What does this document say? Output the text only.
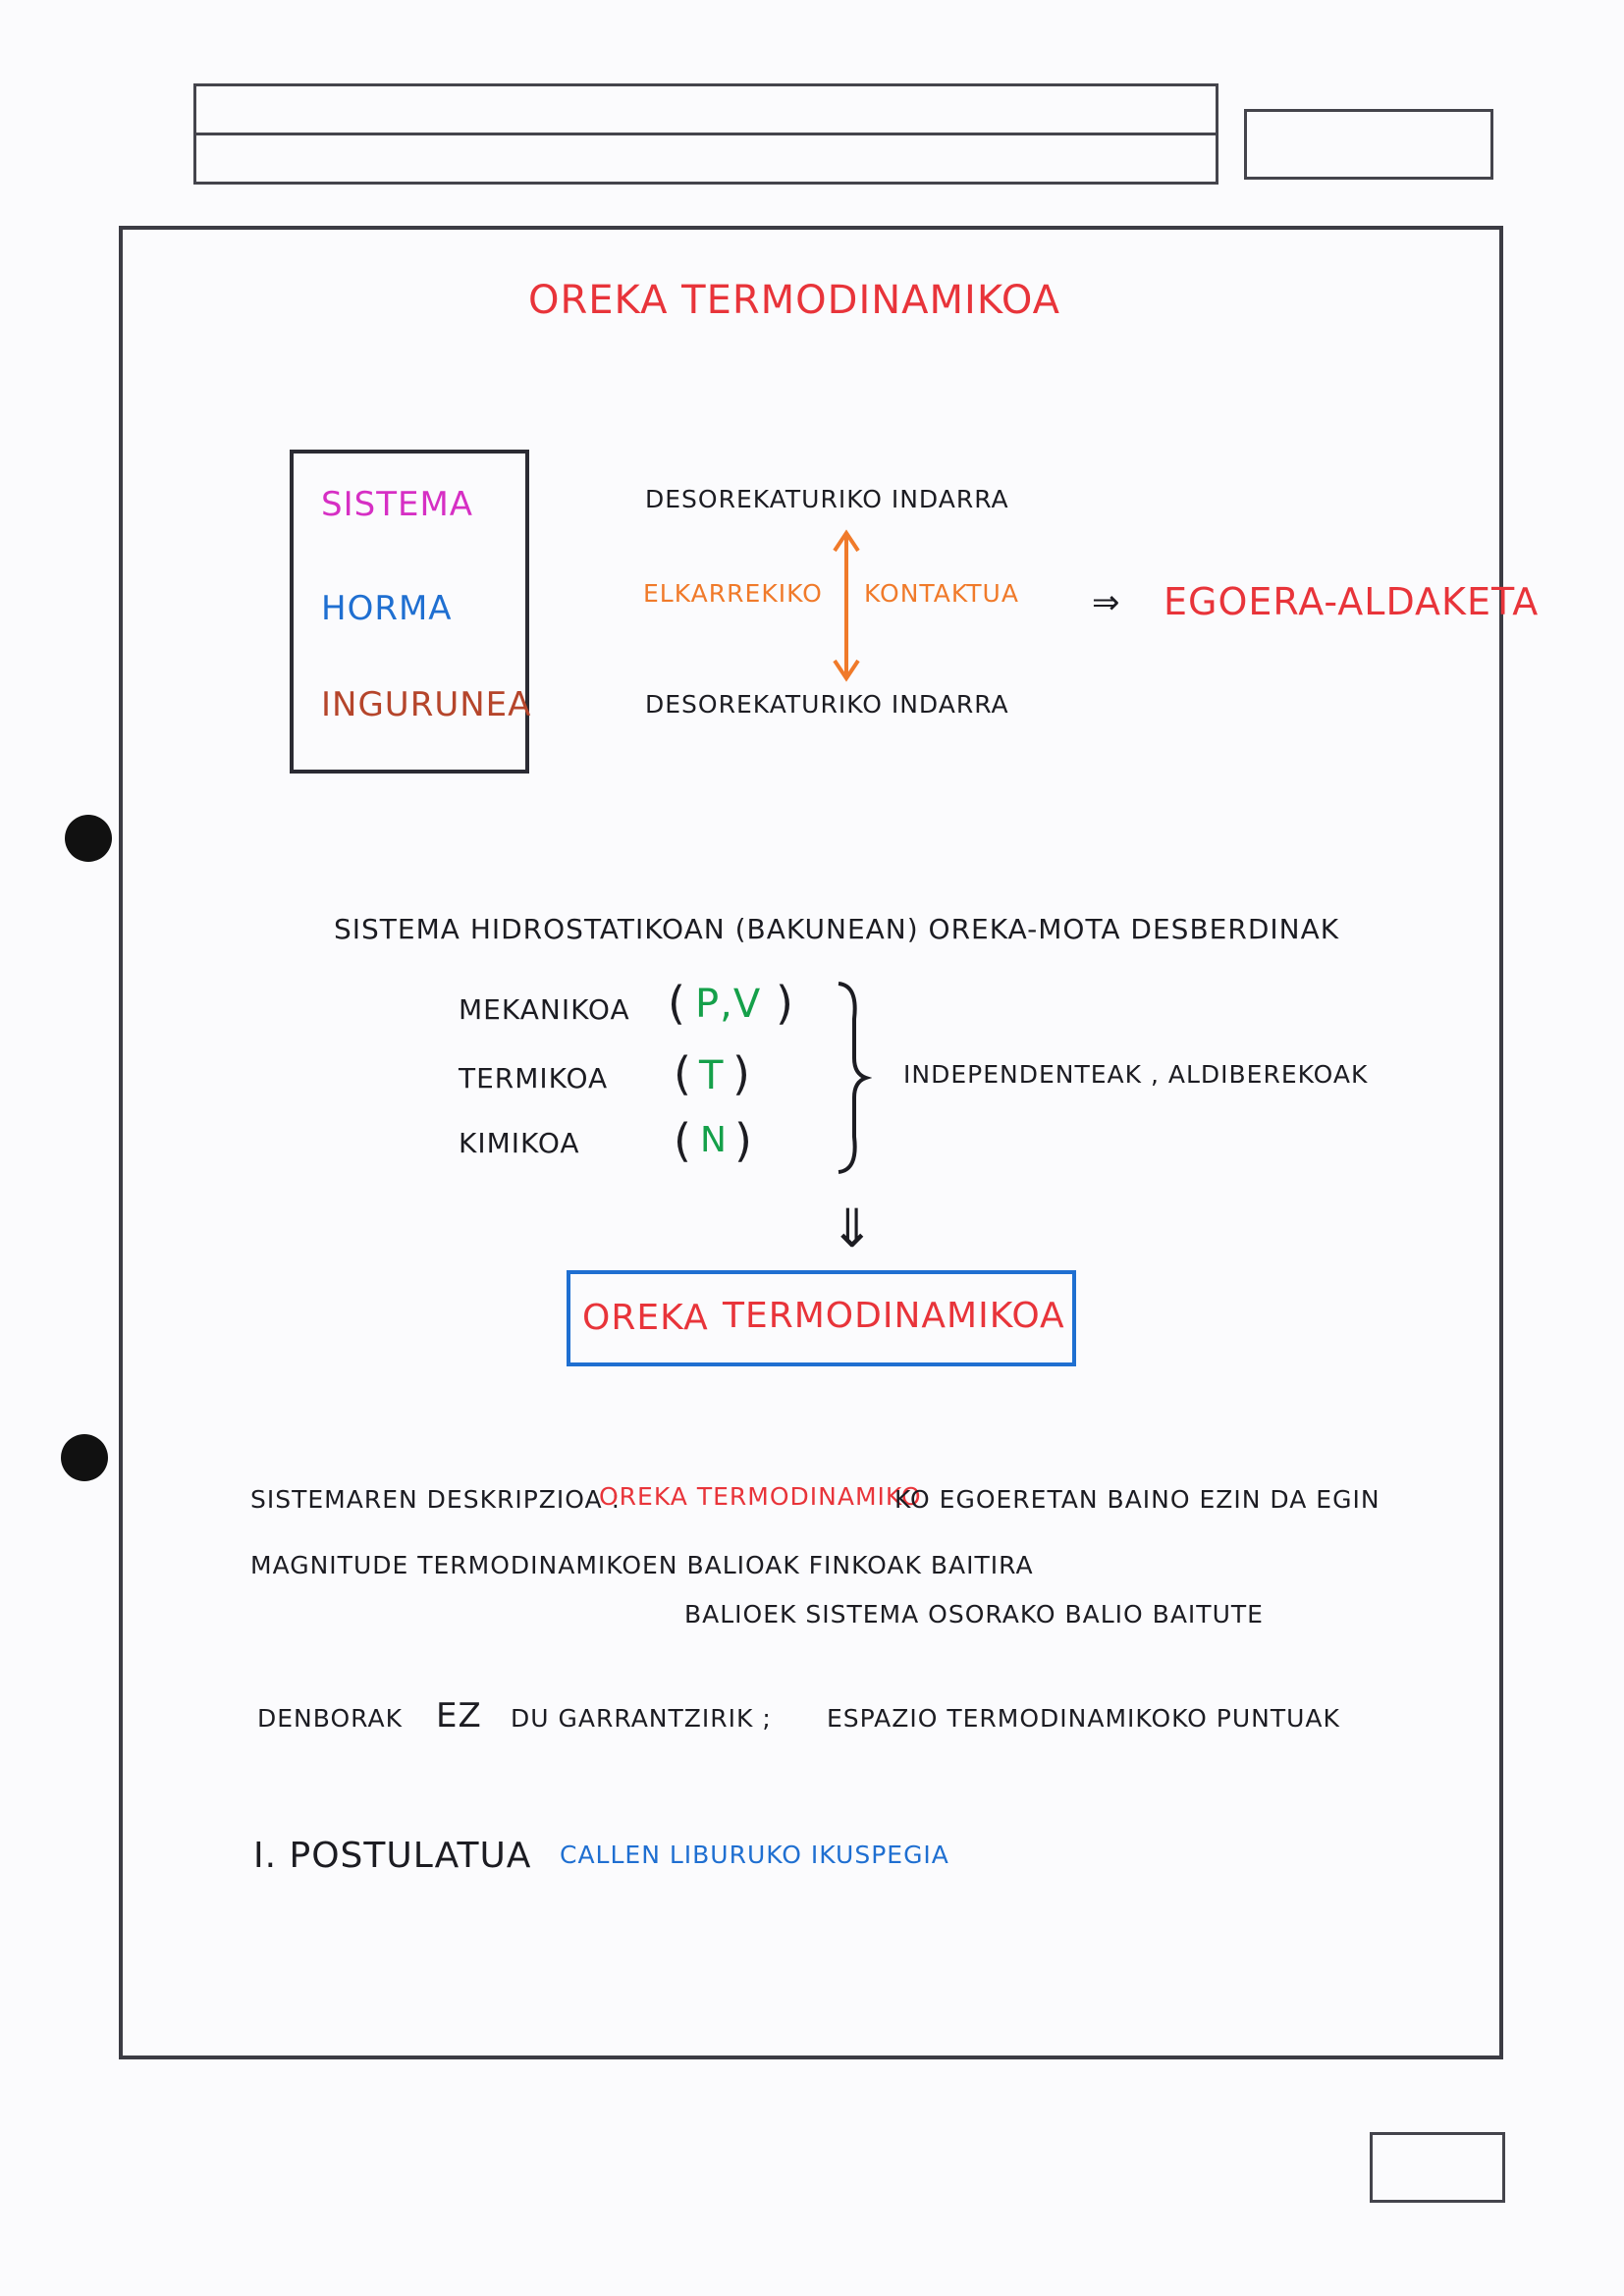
OREKA TERMODINAMIKOA
SISTEMA
HORMA
INGURUNEA
DESOREKATURIKO INDARRA
ELKARREKIKO KONTAKTUA
DESOREKATURIKO INDARRA
⇒ EGOERA-ALDAKETA
SISTEMA HIDROSTATIKOAN (BAKUNEAN) OREKA-MOTA DESBERDINAK
MEKANIKOA ( P,V )
TERMIKOA ( T )
KIMIKOA ( N )
INDEPENDENTEAK , ALDIBEREKOAK
⇓
OREKA TERMODINAMIKOA
SISTEMAREN DESKRIPZIOA :
OREKA TERMODINAMIKO
KO EGOERETAN BAINO EZIN DA EGIN
MAGNITUDE TERMODINAMIKOEN BALIOAK FINKOAK BAITIRA
BALIOEK SISTEMA OSORAKO BALIO BAITUTE
DENBORAK EZ DU GARRANTZIRIK ; ESPAZIO TERMODINAMIKOKO PUNTUAK
I. POSTULATUA CALLEN LIBURUKO IKUSPEGIA
